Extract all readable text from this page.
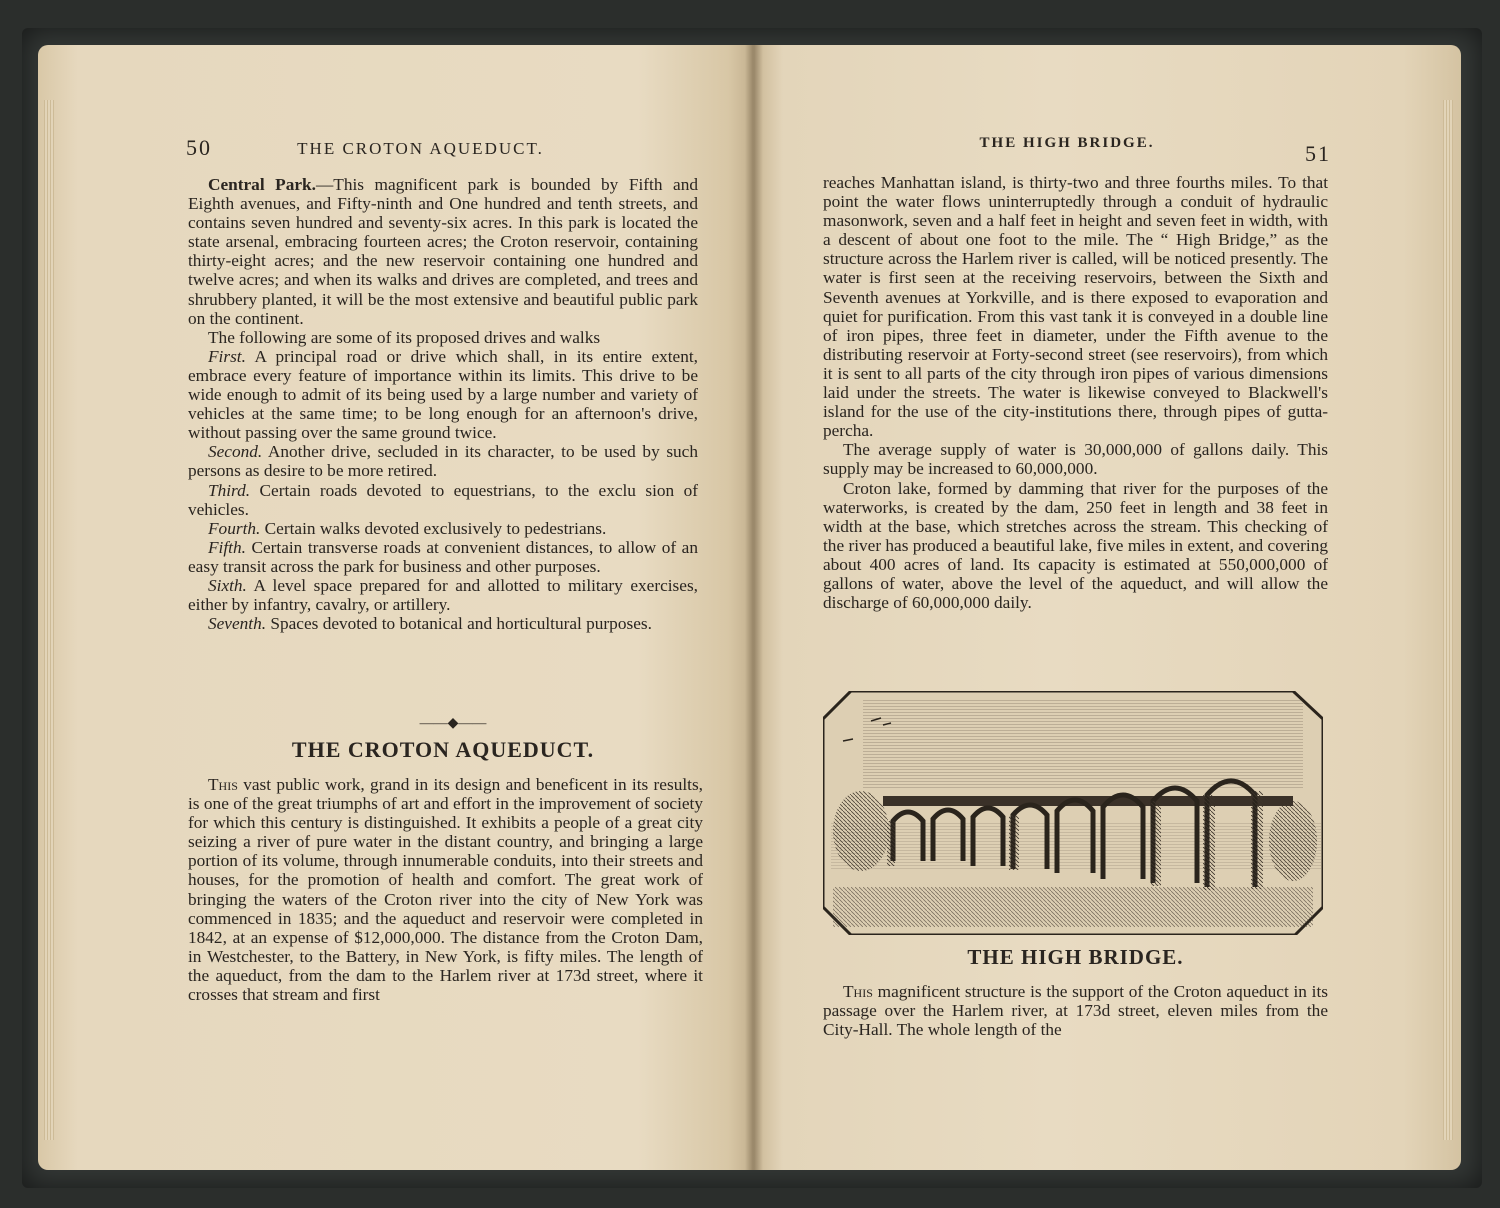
50	THE CROTON AQUEDUCT.

Central Park.—This magnificent park is bounded by Fifth and Eighth avenues, and Fifty-ninth and One hundred and tenth streets, and contains seven hundred and seventy-six acres. In this park is located the state arsenal, embracing fourteen acres; the Croton reservoir, containing thirty-eight acres; and the new reservoir containing one hundred and twelve acres; and when its walks and drives are completed, and trees and shrubbery planted, it will be the most extensive and beautiful public park on the continent.

The following are some of its proposed drives and walks

First. A principal road or drive which shall, in its entire extent, embrace every feature of importance within its limits. This drive to be wide enough to admit of its being used by a large number and variety of vehicles at the same time; to be long enough for an afternoon's drive, without passing over the same ground twice.

Second. Another drive, secluded in its character, to be used by such persons as desire to be more retired.

Third. Certain roads devoted to equestrians, to the exclu sion of vehicles.

Fourth. Certain walks devoted exclusively to pedestrians.

Fifth. Certain transverse roads at convenient distances, to allow of an easy transit across the park for business and other purposes.

Sixth. A level space prepared for and allotted to military exercises, either by infantry, cavalry, or artillery.

Seventh. Spaces devoted to botanical and horticultural purposes.

——◆——
THE CROTON AQUEDUCT.

This vast public work, grand in its design and beneficent in its results, is one of the great triumphs of art and effort in the improvement of society for which this century is distinguished. It exhibits a people of a great city seizing a river of pure water in the distant country, and bringing a large portion of its volume, through innumerable conduits, into their streets and houses, for the promotion of health and comfort. The great work of bringing the waters of the Croton river into the city of New York was commenced in 1835; and the aqueduct and reservoir were completed in 1842, at an expense of $12,000,000. The distance from the Croton Dam, in Westchester, to the Battery, in New York, is fifty miles. The length of the aqueduct, from the dam to the Harlem river at 173d street, where it crosses that stream and first

THE HIGH BRIDGE.	51

reaches Manhattan island, is thirty-two and three fourths miles. To that point the water flows uninterruptedly through a conduit of hydraulic masonwork, seven and a half feet in height and seven feet in width, with a descent of about one foot to the mile. The “ High Bridge,” as the structure across the Harlem river is called, will be noticed presently. The water is first seen at the receiving reservoirs, between the Sixth and Seventh avenues at Yorkville, and is there exposed to evaporation and quiet for purification. From this vast tank it is conveyed in a double line of iron pipes, three feet in diameter, under the Fifth avenue to the distributing reservoir at Forty-second street (see reservoirs), from which it is sent to all parts of the city through iron pipes of various dimensions laid under the streets. The water is likewise conveyed to Blackwell's island for the use of the city-institutions there, through pipes of gutta-percha.

The average supply of water is 30,000,000 of gallons daily. This supply may be increased to 60,000,000.

Croton lake, formed by damming that river for the purposes of the waterworks, is created by the dam, 250 feet in length and 38 feet in width at the base, which stretches across the stream. This checking of the river has produced a beautiful lake, five miles in extent, and covering about 400 acres of land. Its capacity is estimated at 550,000,000 of gallons of water, above the level of the aqueduct, and will allow the discharge of 60,000,000 daily.

THE HIGH BRIDGE.

This magnificent structure is the support of the Croton aqueduct in its passage over the Harlem river, at 173d street, eleven miles from the City-Hall. The whole length of the
